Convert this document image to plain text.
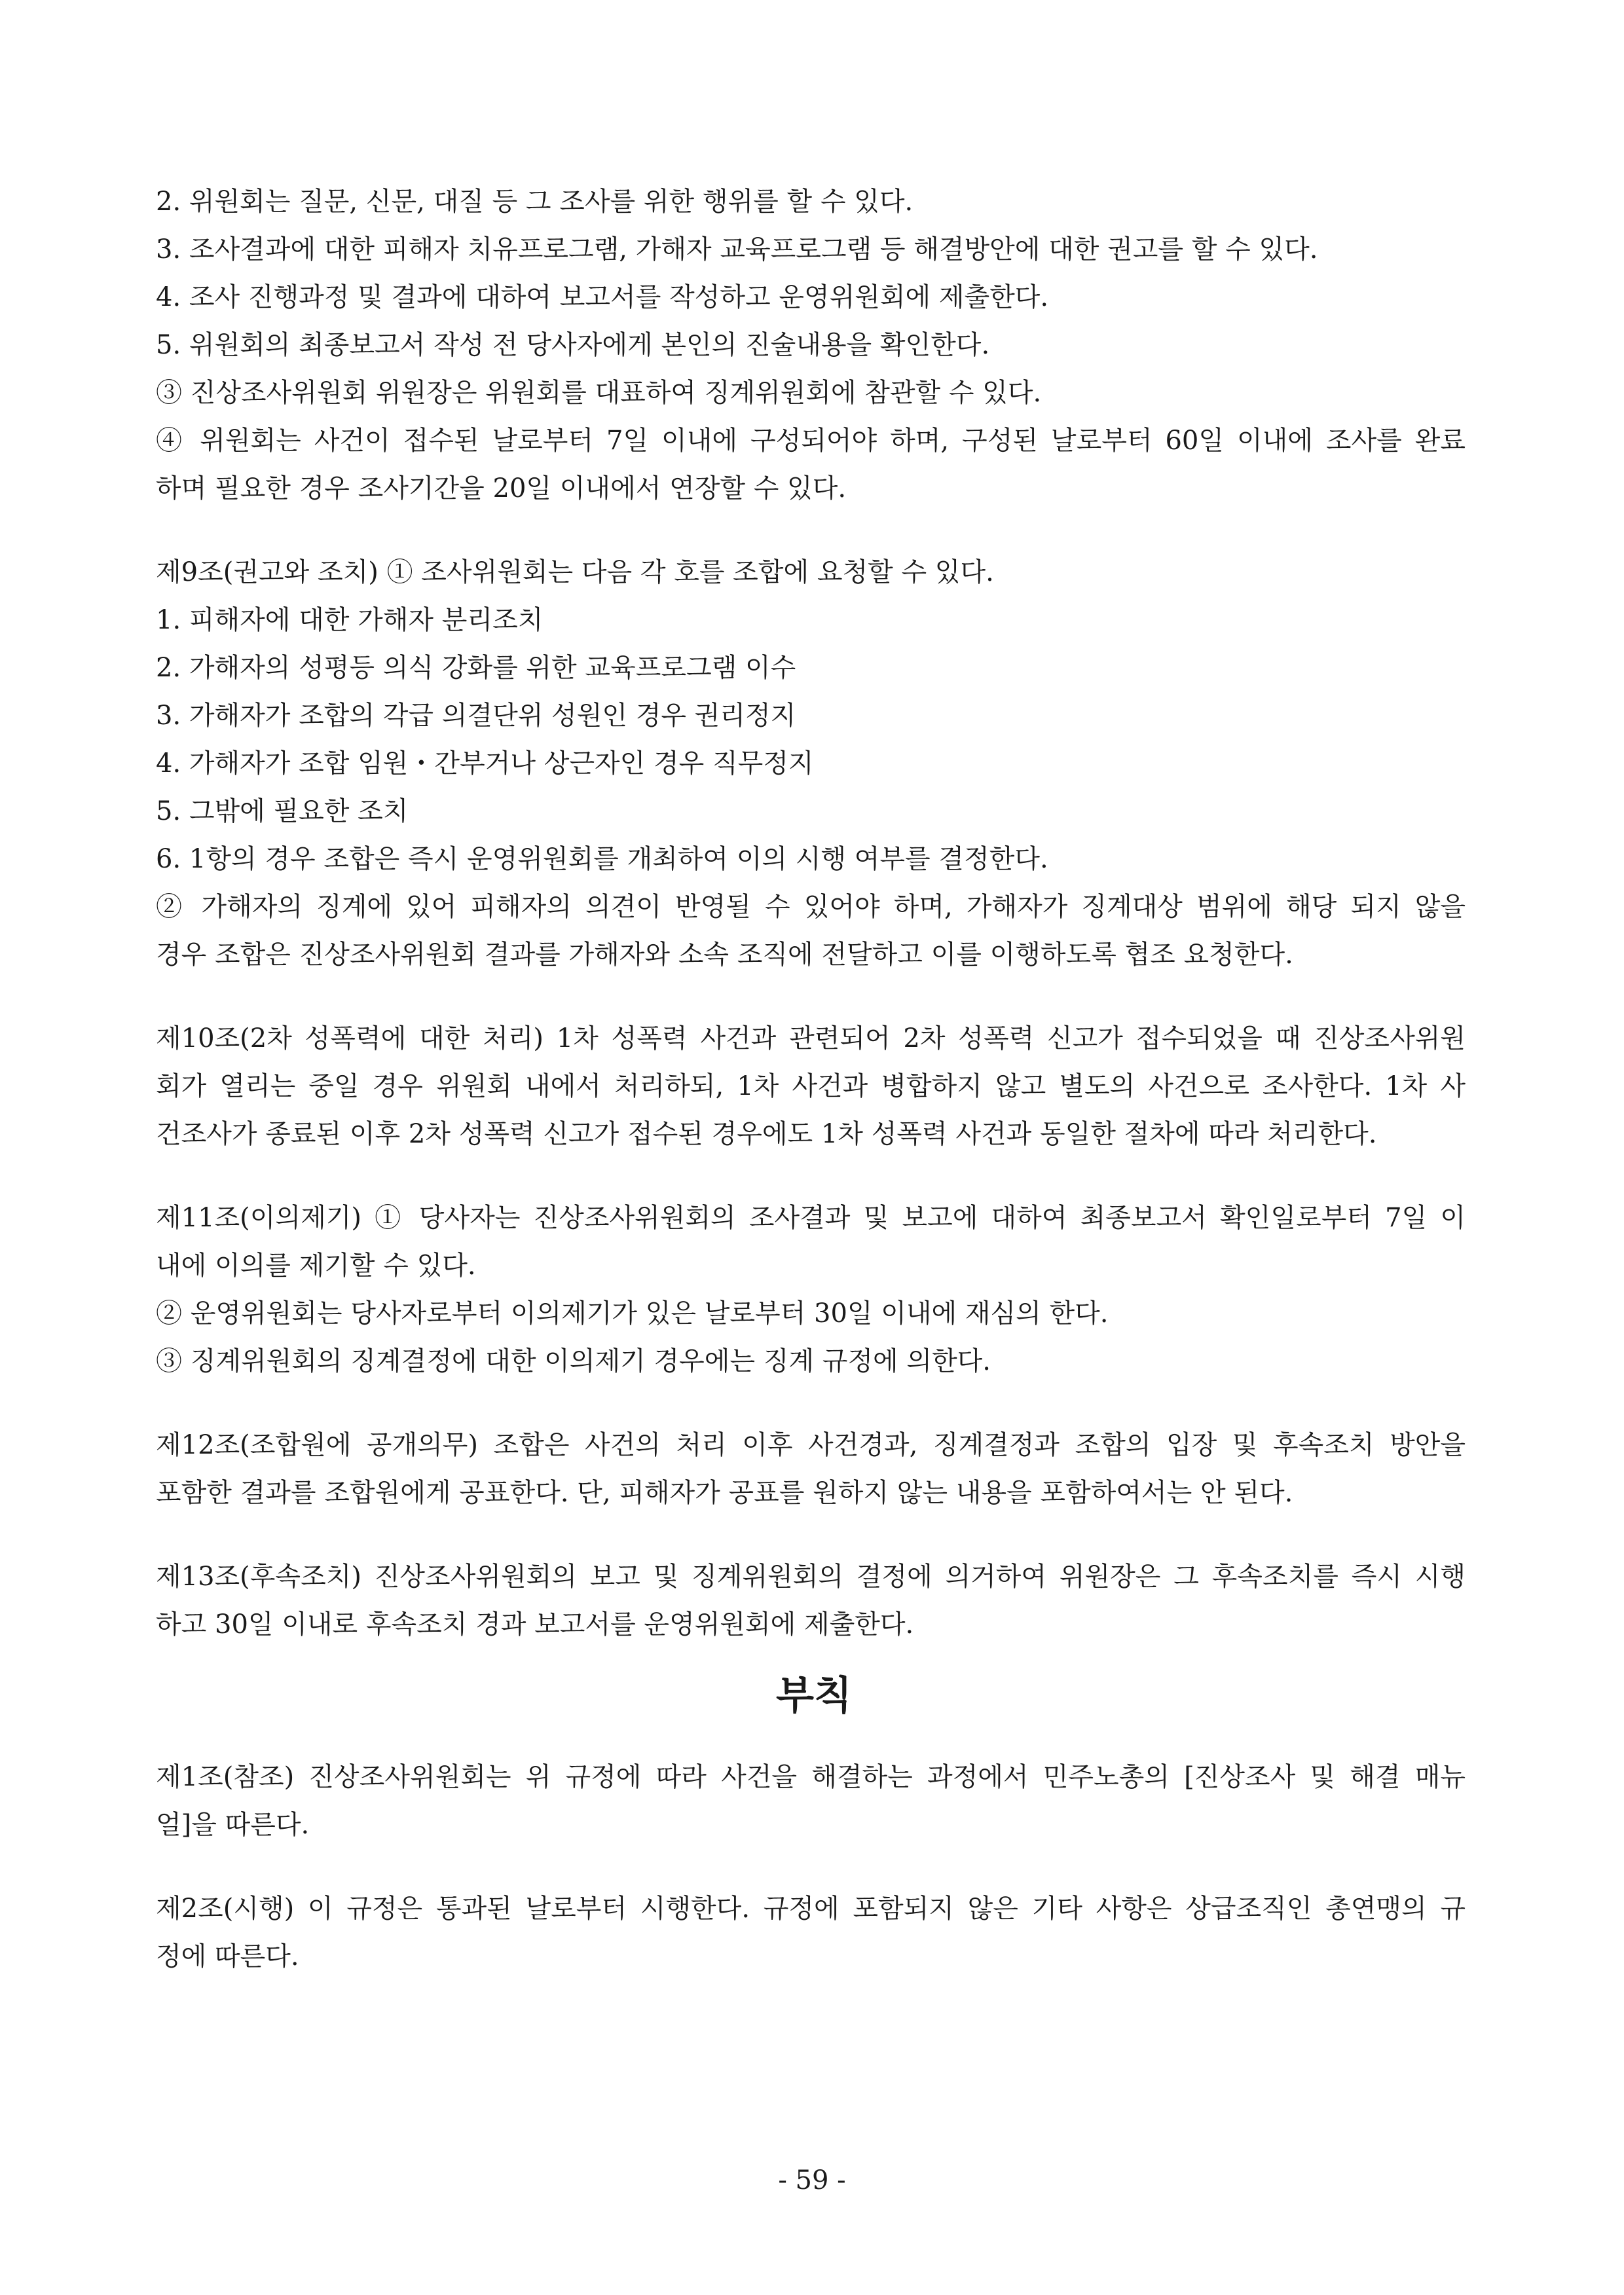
2. 위원회는 질문, 신문, 대질 등 그 조사를 위한 행위를 할 수 있다.
3. 조사결과에 대한 피해자 치유프로그램, 가해자 교육프로그램 등 해결방안에 대한 권고를 할 수 있다.
4. 조사 진행과정 및 결과에 대하여 보고서를 작성하고 운영위원회에 제출한다.
5. 위원회의 최종보고서 작성 전 당사자에게 본인의 진술내용을 확인한다.
③ 진상조사위원회 위원장은 위원회를 대표하여 징계위원회에 참관할 수 있다.
④ 위원회는 사건이 접수된 날로부터 7일 이내에 구성되어야 하며, 구성된 날로부터 60일 이내에 조사를 완료
하며 필요한 경우 조사기간을 20일 이내에서 연장할 수 있다.
제9조(권고와 조치) ① 조사위원회는 다음 각 호를 조합에 요청할 수 있다.
1. 피해자에 대한 가해자 분리조치
2. 가해자의 성평등 의식 강화를 위한 교육프로그램 이수
3. 가해자가 조합의 각급 의결단위 성원인 경우 권리정지
4. 가해자가 조합 임원・간부거나 상근자인 경우 직무정지
5. 그밖에 필요한 조치
6. 1항의 경우 조합은 즉시 운영위원회를 개최하여 이의 시행 여부를 결정한다.
② 가해자의 징계에 있어 피해자의 의견이 반영될 수 있어야 하며, 가해자가 징계대상 범위에 해당 되지 않을
경우 조합은 진상조사위원회 결과를 가해자와 소속 조직에 전달하고 이를 이행하도록 협조 요청한다.
제10조(2차 성폭력에 대한 처리) 1차 성폭력 사건과 관련되어 2차 성폭력 신고가 접수되었을 때 진상조사위원
회가 열리는 중일 경우 위원회 내에서 처리하되, 1차 사건과 병합하지 않고 별도의 사건으로 조사한다. 1차 사
건조사가 종료된 이후 2차 성폭력 신고가 접수된 경우에도 1차 성폭력 사건과 동일한 절차에 따라 처리한다.
제11조(이의제기) ① 당사자는 진상조사위원회의 조사결과 및 보고에 대하여 최종보고서 확인일로부터 7일 이
내에 이의를 제기할 수 있다.
② 운영위원회는 당사자로부터 이의제기가 있은 날로부터 30일 이내에 재심의 한다.
③ 징계위원회의 징계결정에 대한 이의제기 경우에는 징계 규정에 의한다.
제12조(조합원에 공개의무) 조합은 사건의 처리 이후 사건경과, 징계결정과 조합의 입장 및 후속조치 방안을
포함한 결과를 조합원에게 공표한다. 단, 피해자가 공표를 원하지 않는 내용을 포함하여서는 안 된다.
제13조(후속조치) 진상조사위원회의 보고 및 징계위원회의 결정에 의거하여 위원장은 그 후속조치를 즉시 시행
하고 30일 이내로 후속조치 경과 보고서를 운영위원회에 제출한다.
부칙
제1조(참조) 진상조사위원회는 위 규정에 따라 사건을 해결하는 과정에서 민주노총의 [진상조사 및 해결 매뉴
얼]을 따른다.
제2조(시행) 이 규정은 통과된 날로부터 시행한다. 규정에 포함되지 않은 기타 사항은 상급조직인 총연맹의 규
정에 따른다.
- 59 -
